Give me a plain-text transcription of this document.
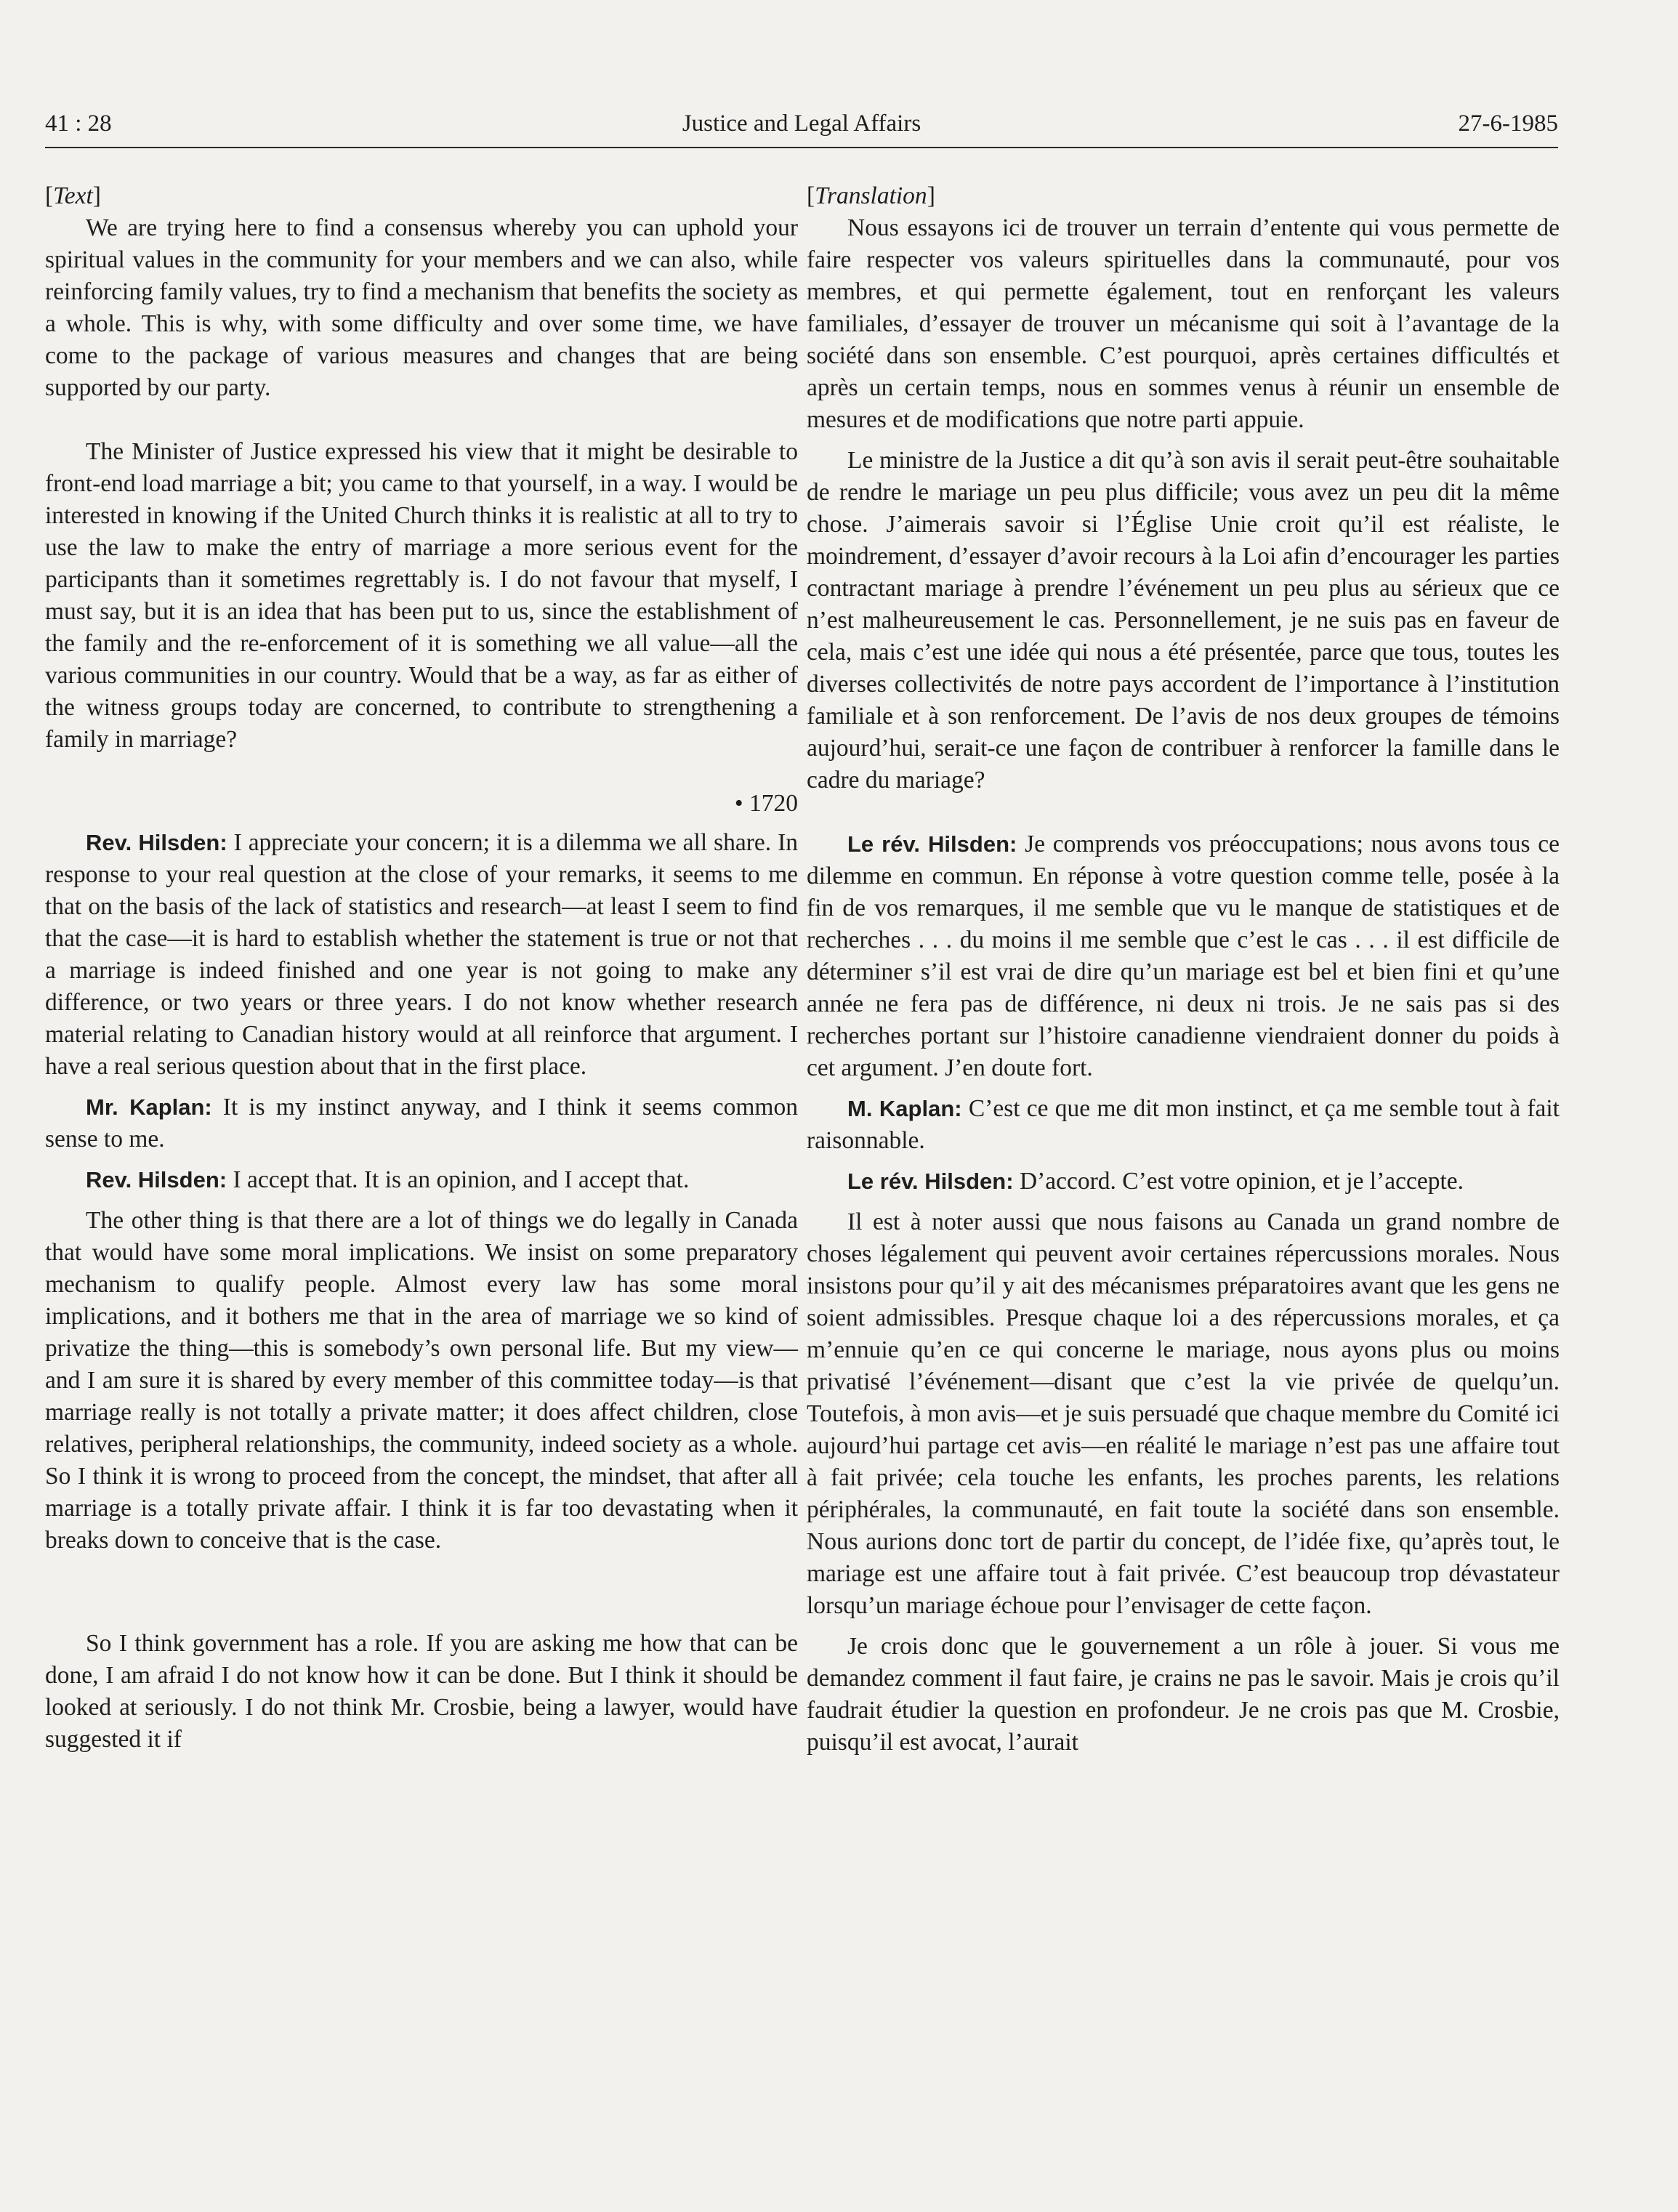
41 : 28	Justice and Legal Affairs	27-6-1985
[Text]

We are trying here to find a consensus whereby you can uphold your spiritual values in the community for your members and we can also, while reinforcing family values, try to find a mechanism that benefits the society as a whole. This is why, with some difficulty and over some time, we have come to the package of various measures and changes that are being supported by our party.

The Minister of Justice expressed his view that it might be desirable to front-end load marriage a bit; you came to that yourself, in a way. I would be interested in knowing if the United Church thinks it is realistic at all to try to use the law to make the entry of marriage a more serious event for the participants than it sometimes regrettably is. I do not favour that myself, I must say, but it is an idea that has been put to us, since the establishment of the family and the re-enforcement of it is something we all value—all the various communities in our country. Would that be a way, as far as either of the witness groups today are concerned, to contribute to strengthening a family in marriage?

• 1720

Rev. Hilsden: I appreciate your concern; it is a dilemma we all share. In response to your real question at the close of your remarks, it seems to me that on the basis of the lack of statistics and research—at least I seem to find that the case—it is hard to establish whether the statement is true or not that a marriage is indeed finished and one year is not going to make any difference, or two years or three years. I do not know whether research material relating to Canadian history would at all reinforce that argument. I have a real serious question about that in the first place.

Mr. Kaplan: It is my instinct anyway, and I think it seems common sense to me.

Rev. Hilsden: I accept that. It is an opinion, and I accept that.

The other thing is that there are a lot of things we do legally in Canada that would have some moral implications. We insist on some preparatory mechanism to qualify people. Almost every law has some moral implications, and it bothers me that in the area of marriage we so kind of privatize the thing—this is somebody’s own personal life. But my view—and I am sure it is shared by every member of this committee today—is that marriage really is not totally a private matter; it does affect children, close relatives, peripheral relationships, the community, indeed society as a whole. So I think it is wrong to proceed from the concept, the mindset, that after all marriage is a totally private affair. I think it is far too devastating when it breaks down to conceive that is the case.

So I think government has a role. If you are asking me how that can be done, I am afraid I do not know how it can be done. But I think it should be looked at seriously. I do not think Mr. Crosbie, being a lawyer, would have suggested it if

[Translation]

Nous essayons ici de trouver un terrain d’entente qui vous permette de faire respecter vos valeurs spirituelles dans la communauté, pour vos membres, et qui permette également, tout en renforçant les valeurs familiales, d’essayer de trouver un mécanisme qui soit à l’avantage de la société dans son ensemble. C’est pourquoi, après certaines difficultés et après un certain temps, nous en sommes venus à réunir un ensemble de mesures et de modifications que notre parti appuie.

Le ministre de la Justice a dit qu’à son avis il serait peut-être souhaitable de rendre le mariage un peu plus difficile; vous avez un peu dit la même chose. J’aimerais savoir si l’Église Unie croit qu’il est réaliste, le moindrement, d’essayer d’avoir recours à la Loi afin d’encourager les parties contractant mariage à prendre l’événement un peu plus au sérieux que ce n’est malheureusement le cas. Personnellement, je ne suis pas en faveur de cela, mais c’est une idée qui nous a été présentée, parce que tous, toutes les diverses collectivités de notre pays accordent de l’importance à l’institution familiale et à son renforcement. De l’avis de nos deux groupes de témoins aujourd’hui, serait-ce une façon de contribuer à renforcer la famille dans le cadre du mariage?

Le rév. Hilsden: Je comprends vos préoccupations; nous avons tous ce dilemme en commun. En réponse à votre question comme telle, posée à la fin de vos remarques, il me semble que vu le manque de statistiques et de recherches . . . du moins il me semble que c’est le cas . . . il est difficile de déterminer s’il est vrai de dire qu’un mariage est bel et bien fini et qu’une année ne fera pas de différence, ni deux ni trois. Je ne sais pas si des recherches portant sur l’histoire canadienne viendraient donner du poids à cet argument. J’en doute fort.

M. Kaplan: C’est ce que me dit mon instinct, et ça me semble tout à fait raisonnable.

Le rév. Hilsden: D’accord. C’est votre opinion, et je l’accepte.

Il est à noter aussi que nous faisons au Canada un grand nombre de choses légalement qui peuvent avoir certaines répercussions morales. Nous insistons pour qu’il y ait des mécanismes préparatoires avant que les gens ne soient admissibles. Presque chaque loi a des répercussions morales, et ça m’ennuie qu’en ce qui concerne le mariage, nous ayons plus ou moins privatisé l’événement—disant que c’est la vie privée de quelqu’un. Toutefois, à mon avis—et je suis persuadé que chaque membre du Comité ici aujourd’hui partage cet avis—en réalité le mariage n’est pas une affaire tout à fait privée; cela touche les enfants, les proches parents, les relations périphérales, la communauté, en fait toute la société dans son ensemble. Nous aurions donc tort de partir du concept, de l’idée fixe, qu’après tout, le mariage est une affaire tout à fait privée. C’est beaucoup trop dévastateur lorsqu’un mariage échoue pour l’envisager de cette façon.

Je crois donc que le gouvernement a un rôle à jouer. Si vous me demandez comment il faut faire, je crains ne pas le savoir. Mais je crois qu’il faudrait étudier la question en profondeur. Je ne crois pas que M. Crosbie, puisqu’il est avocat, l’aurait
